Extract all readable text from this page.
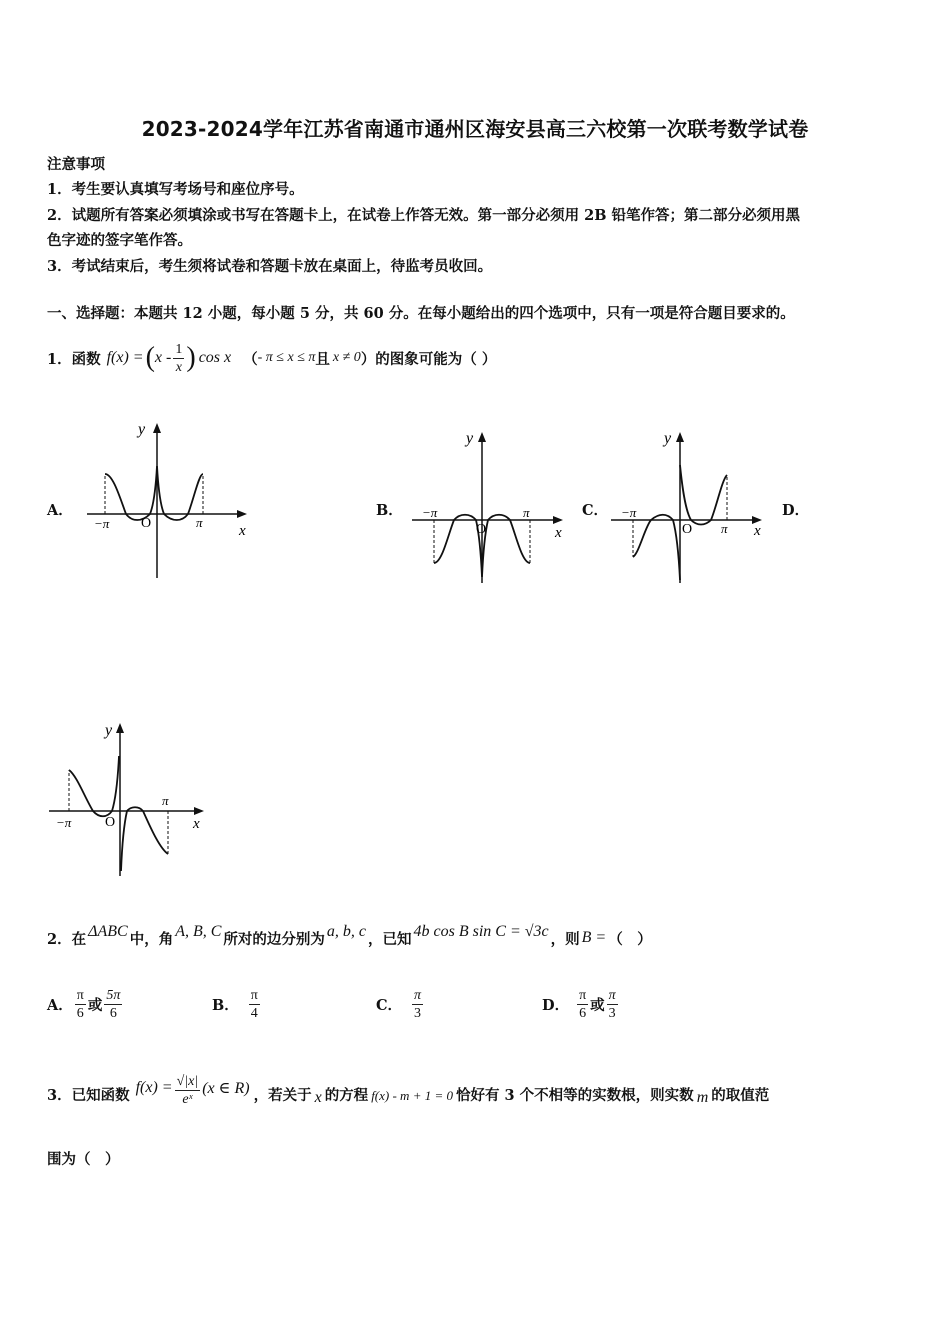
2023-2024学年江苏省南通市通州区海安县高三六校第一次联考数学试卷
注意事项
1．考生要认真填写考场号和座位序号。
2．试题所有答案必须填涂或书写在答题卡上，在试卷上作答无效。第一部分必须用 2B 铅笔作答；第二部分必须用黑
色字迹的签字笔作答。
3．考试结束后，考生须将试卷和答题卡放在桌面上，待监考员收回。
一、选择题：本题共 12 小题，每小题 5 分，共 60 分。在每小题给出的四个选项中，只有一项是符合题目要求的。
1．函数 f(x) = ( x - $\frac{1}{x}$ ) cos x （ - π ≤ x ≤ π 且 x ≠ 0 ）的图象可能为（ ）
A．	B．	C．	D．
y
−π O	π
x
y
−π
O
π
x
y
−π
O π x
y
−π O
π
x
2．在 ΔABC 中，角 A, B, C 所对的边分别为 a, b, c ，已知 4b cos B sin C = √3c ，则 B = （　）
A． $\frac{\pi}{6}$ 或 $\frac{5\pi}{6}$	B． $\frac{\pi}{4}$	C． $\frac{\pi}{3}$	D． $\frac{\pi}{6}$ 或 $\frac{\pi}{3}$
3．已知函数 $f(x) = \frac{√|x|}{\text{eˣ}} (x$ ∈ R) ，若关于 x 的方程 f(x) - m + 1 = 0 恰好有 3 个不相等的实数根，则实数 m 的取值范
围为（　）
